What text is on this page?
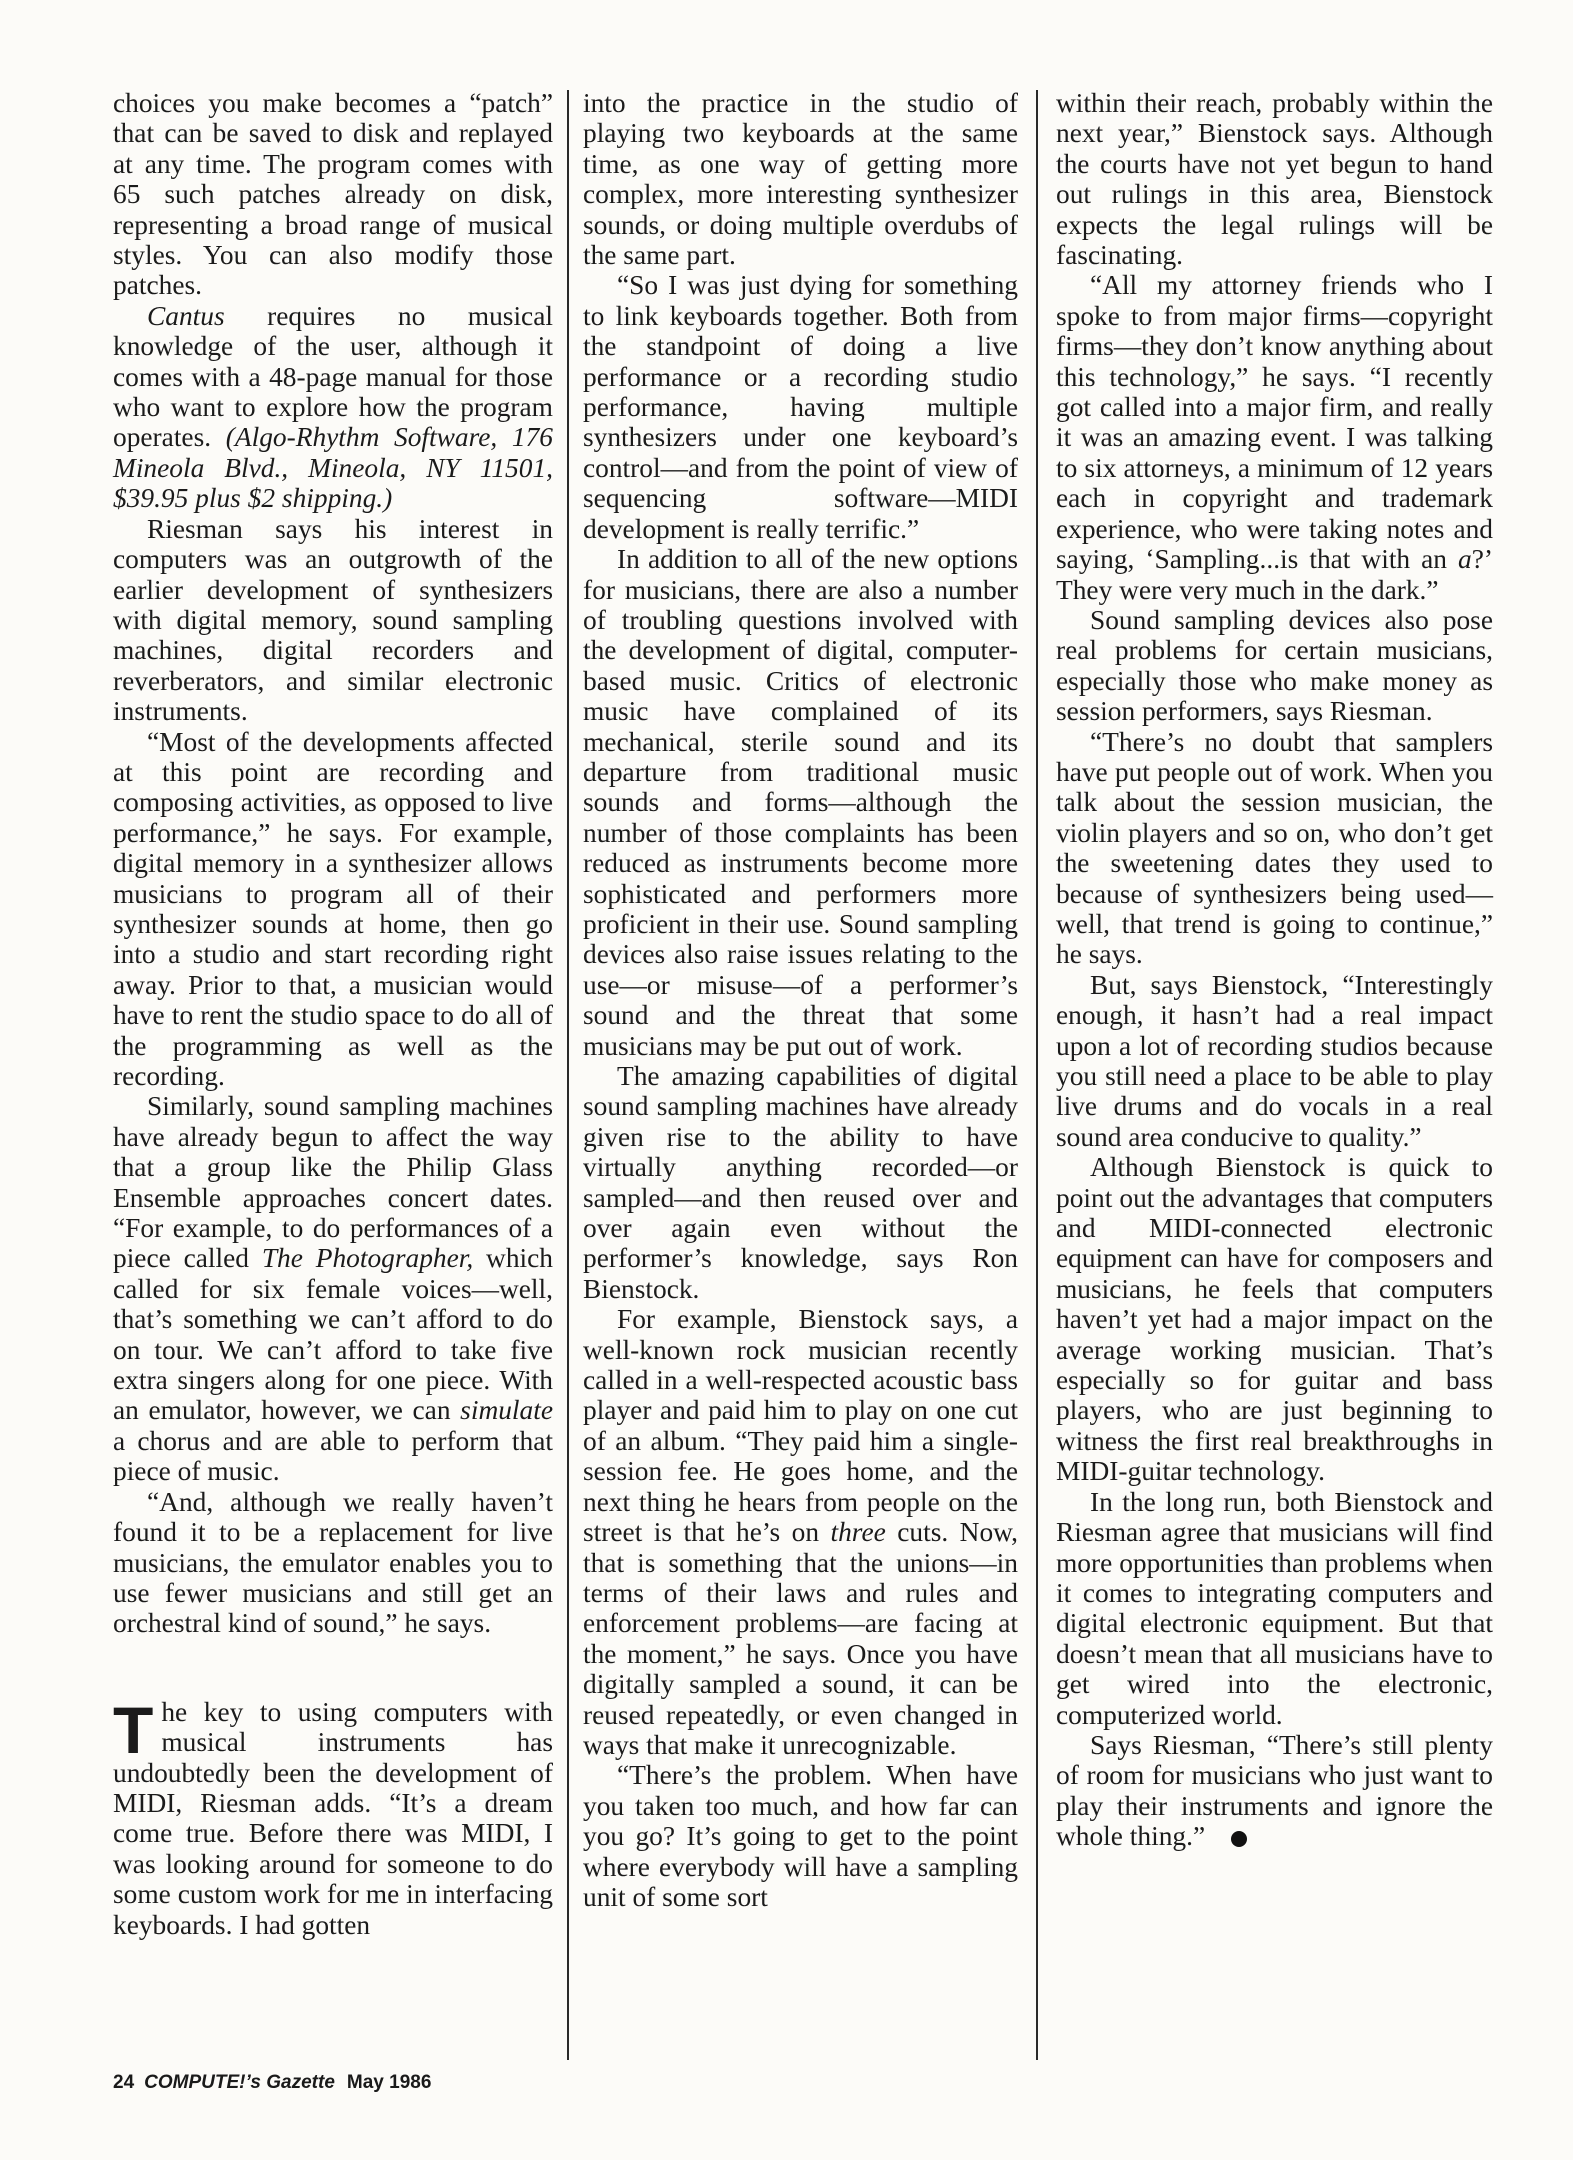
choices you make becomes a “patch” that can be saved to disk and replayed at any time. The program comes with 65 such patches already on disk, representing a broad range of musical styles. You can also modify those patches.

Cantus requires no musical knowledge of the user, although it comes with a 48-page manual for those who want to explore how the program operates. (Algo-Rhythm Software, 176 Mineola Blvd., Mineola, NY 11501, $39.95 plus $2 shipping.)

Riesman says his interest in computers was an outgrowth of the earlier development of synthesizers with digital memory, sound sampling machines, digital recorders and reverberators, and similar electronic instruments.

“Most of the developments affected at this point are recording and composing activities, as opposed to live performance,” he says. For example, digital memory in a synthesizer allows musicians to program all of their synthesizer sounds at home, then go into a studio and start recording right away. Prior to that, a musician would have to rent the studio space to do all of the programming as well as the recording.

Similarly, sound sampling machines have already begun to affect the way that a group like the Philip Glass Ensemble approaches concert dates. “For example, to do performances of a piece called The Photographer, which called for six female voices—well, that’s something we can’t afford to do on tour. We can’t afford to take five extra singers along for one piece. With an emulator, however, we can simulate a chorus and are able to perform that piece of music.

“And, although we really haven’t found it to be a replacement for live musicians, the emulator enables you to use fewer musicians and still get an orchestral kind of sound,” he says.

The key to using computers with musical instruments has undoubtedly been the development of MIDI, Riesman adds. “It’s a dream come true. Before there was MIDI, I was looking around for someone to do some custom work for me in interfacing keyboards. I had gotten

into the practice in the studio of playing two keyboards at the same time, as one way of getting more complex, more interesting synthesizer sounds, or doing multiple overdubs of the same part.

“So I was just dying for something to link keyboards together. Both from the standpoint of doing a live performance or a recording studio performance, having multiple synthesizers under one keyboard’s control—and from the point of view of sequencing software—MIDI development is really terrific.”

In addition to all of the new options for musicians, there are also a number of troubling questions involved with the development of digital, computer-based music. Critics of electronic music have complained of its mechanical, sterile sound and its departure from traditional music sounds and forms—although the number of those complaints has been reduced as instruments become more sophisticated and performers more proficient in their use. Sound sampling devices also raise issues relating to the use—or misuse—of a performer’s sound and the threat that some musicians may be put out of work.

The amazing capabilities of digital sound sampling machines have already given rise to the ability to have virtually anything recorded—or sampled—and then reused over and over again even without the performer’s knowledge, says Ron Bienstock.

For example, Bienstock says, a well-known rock musician recently called in a well-respected acoustic bass player and paid him to play on one cut of an album. “They paid him a single-session fee. He goes home, and the next thing he hears from people on the street is that he’s on three cuts. Now, that is something that the unions—in terms of their laws and rules and enforcement problems—are facing at the moment,” he says. Once you have digitally sampled a sound, it can be reused repeatedly, or even changed in ways that make it unrecognizable.

“There’s the problem. When have you taken too much, and how far can you go? It’s going to get to the point where everybody will have a sampling unit of some sort

within their reach, probably within the next year,” Bienstock says. Although the courts have not yet begun to hand out rulings in this area, Bienstock expects the legal rulings will be fascinating.

“All my attorney friends who I spoke to from major firms—copyright firms—they don’t know anything about this technology,” he says. “I recently got called into a major firm, and really it was an amazing event. I was talking to six attorneys, a minimum of 12 years each in copyright and trademark experience, who were taking notes and saying, ‘Sampling...is that with an a?’ They were very much in the dark.”

Sound sampling devices also pose real problems for certain musicians, especially those who make money as session performers, says Riesman.

“There’s no doubt that samplers have put people out of work. When you talk about the session musician, the violin players and so on, who don’t get the sweetening dates they used to because of synthesizers being used—well, that trend is going to continue,” he says.

But, says Bienstock, “Interestingly enough, it hasn’t had a real impact upon a lot of recording studios because you still need a place to be able to play live drums and do vocals in a real sound area conducive to quality.”

Although Bienstock is quick to point out the advantages that computers and MIDI-connected electronic equipment can have for composers and musicians, he feels that computers haven’t yet had a major impact on the average working musician. That’s especially so for guitar and bass players, who are just beginning to witness the first real breakthroughs in MIDI-guitar technology.

In the long run, both Bienstock and Riesman agree that musicians will find more opportunities than problems when it comes to integrating computers and digital electronic equipment. But that doesn’t mean that all musicians have to get wired into the electronic, computerized world.

Says Riesman, “There’s still plenty of room for musicians who just want to play their instruments and ignore the whole thing.”

24 COMPUTE!’s Gazette May 1986
